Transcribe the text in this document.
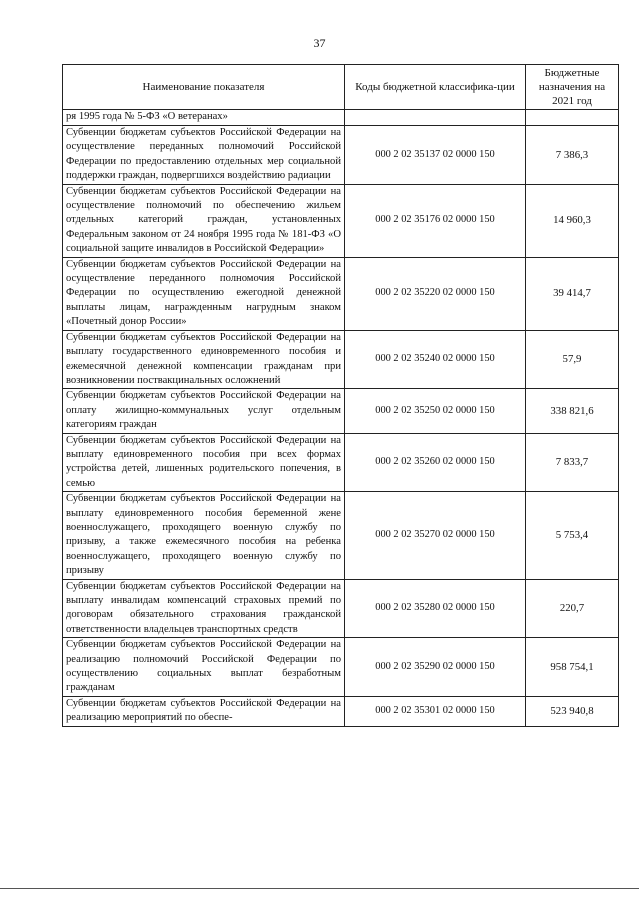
37
Наименование показателя	Коды бюджетной классифика-ции	Бюджетные назначения на 2021 год
ря 1995 года № 5-ФЗ «О ветеранах»		
Субвенции бюджетам субъектов Российской Федерации на осуществление переданных полномочий Российской Федерации по предоставлению отдельных мер социальной поддержки граждан, подвергшихся воздействию радиации	000 2 02 35137 02 0000 150	7 386,3
Субвенции бюджетам субъектов Российской Федерации на осуществление полномочий по обеспечению жильем отдельных категорий граждан, установленных Федеральным законом от 24 ноября 1995 года № 181-ФЗ «О социальной защите инвалидов в Российской Федерации»	000 2 02 35176 02 0000 150	14 960,3
Субвенции бюджетам субъектов Российской Федерации на осуществление переданного полномочия Российской Федерации по осуществлению ежегодной денежной выплаты лицам, награжденным нагрудным знаком «Почетный донор России»	000 2 02 35220 02 0000 150	39 414,7
Субвенции бюджетам субъектов Российской Федерации на выплату государственного единовременного пособия и ежемесячной денежной компенсации гражданам при возникновении поствакцинальных осложнений	000 2 02 35240 02 0000 150	57,9
Субвенции бюджетам субъектов Российской Федерации на оплату жилищно-коммунальных услуг отдельным категориям граждан	000 2 02 35250 02 0000 150	338 821,6
Субвенции бюджетам субъектов Российской Федерации на выплату единовременного пособия при всех формах устройства детей, лишенных родительского попечения, в семью	000 2 02 35260 02 0000 150	7 833,7
Субвенции бюджетам субъектов Российской Федерации на выплату единовременного пособия беременной жене военнослужащего, проходящего военную службу по призыву, а также ежемесячного пособия на ребенка военнослужащего, проходящего военную службу по призыву	000 2 02 35270 02 0000 150	5 753,4
Субвенции бюджетам субъектов Российской Федерации на выплату инвалидам компенсаций страховых премий по договорам обязательного страхования гражданской ответственности владельцев транспортных средств	000 2 02 35280 02 0000 150	220,7
Субвенции бюджетам субъектов Российской Федерации на реализацию полномочий Российской Федерации по осуществлению социальных выплат безработным гражданам	000 2 02 35290 02 0000 150	958 754,1
Субвенции бюджетам субъектов Российской Федерации на реализацию мероприятий по обеспе-	000 2 02 35301 02 0000 150	523 940,8
